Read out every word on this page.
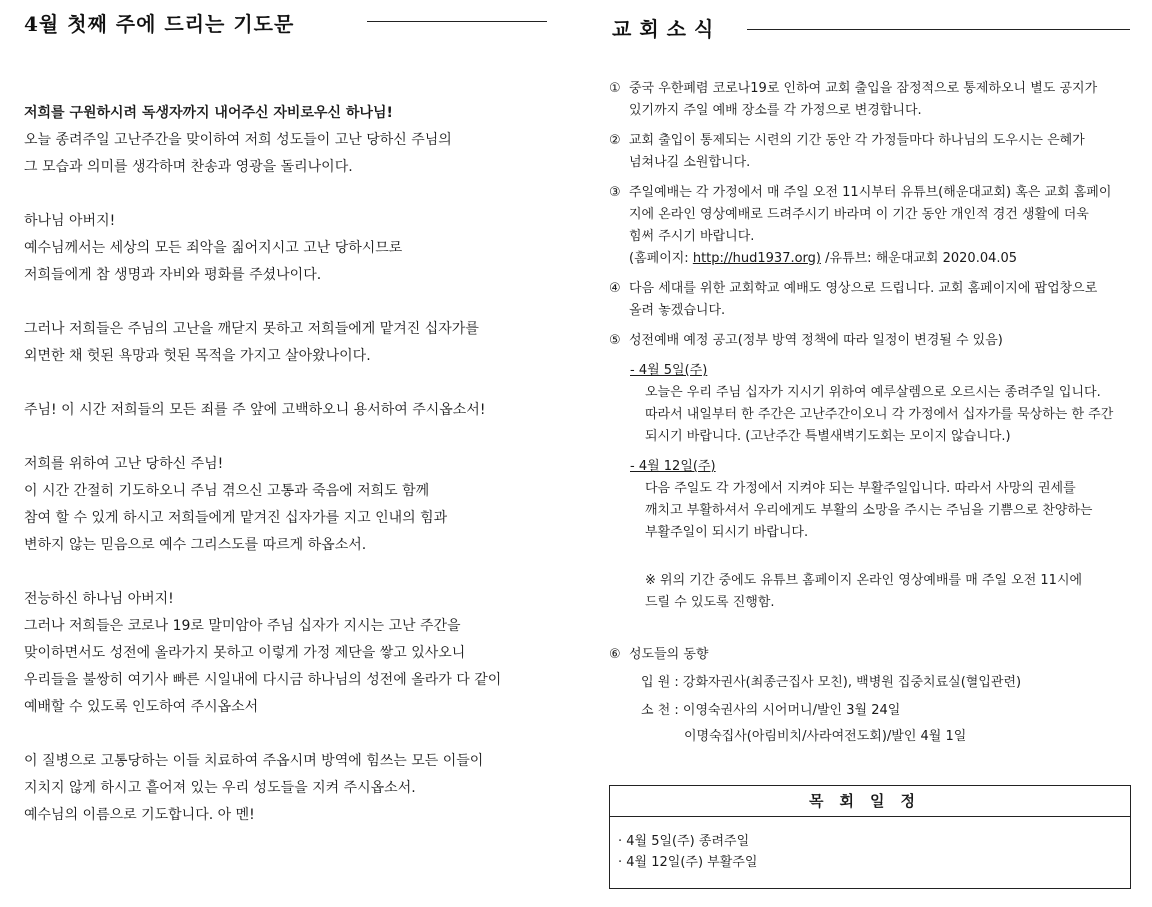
4월 첫째 주에 드리는 기도문
저희를 구원하시려 독생자까지 내어주신 자비로우신 하나님!
오늘 종려주일 고난주간을 맞이하여 저희 성도들이 고난 당하신 주님의
그 모습과 의미를 생각하며 찬송과 영광을 돌리나이다.
하나님 아버지!
예수님께서는 세상의 모든 죄악을 짊어지시고 고난 당하시므로
저희들에게 참 생명과 자비와 평화를 주셨나이다.
그러나 저희들은 주님의 고난을 깨닫지 못하고 저희들에게 맡겨진 십자가를
외면한 채 헛된 욕망과 헛된 목적을 가지고 살아왔나이다.
주님! 이 시간 저희들의 모든 죄를 주 앞에 고백하오니 용서하여 주시옵소서!
저희를 위하여 고난 당하신 주님!
이 시간 간절히 기도하오니 주님 겪으신 고통과 죽음에 저희도 함께
참여 할 수 있게 하시고 저희들에게 맡겨진 십자가를 지고 인내의 힘과
변하지 않는 믿음으로 예수 그리스도를 따르게 하옵소서.
전능하신 하나님 아버지!
그러나 저희들은 코로나 19로 말미암아 주님 십자가 지시는 고난 주간을
맞이하면서도 성전에 올라가지 못하고 이렇게 가정 제단을 쌓고 있사오니
우리들을 불쌍히 여기사 빠른 시일내에 다시금 하나님의 성전에 올라가 다 같이
예배할 수 있도록 인도하여 주시옵소서
이 질병으로 고통당하는 이들 치료하여 주옵시며 방역에 힘쓰는 모든 이들이
지치지 않게 하시고 흩어져 있는 우리 성도들을 지켜 주시옵소서.
예수님의 이름으로 기도합니다. 아 멘!
교회소식
① 중국 우한폐렴 코로나19로 인하여 교회 출입을 잠정적으로 통제하오니 별도 공지가
있기까지 주일 예배 장소를 각 가정으로 변경합니다.
② 교회 출입이 통제되는 시련의 기간 동안 각 가정들마다 하나님의 도우시는 은혜가
넘쳐나길 소원합니다.
③ 주일예배는 각 가정에서 매 주일 오전 11시부터 유튜브(해운대교회) 혹은 교회 홈페이
지에 온라인 영상예배로 드려주시기 바라며 이 기간 동안 개인적 경건 생활에 더욱
힘써 주시기 바랍니다.
(홈페이지: http://hud1937.org) /유튜브: 해운대교회 2020.04.05
④ 다음 세대를 위한 교회학교 예배도 영상으로 드립니다. 교회 홈페이지에 팝업창으로
올려 놓겠습니다.
⑤ 성전예배 예정 공고(정부 방역 정책에 따라 일정이 변경될 수 있음)
- 4월 5일(주)
오늘은 우리 주님 십자가 지시기 위하여 예루살렘으로 오르시는 종려주일 입니다.
따라서 내일부터 한 주간은 고난주간이오니 각 가정에서 십자가를 묵상하는 한 주간
되시기 바랍니다. (고난주간 특별새벽기도회는 모이지 않습니다.)
- 4월 12일(주)
다음 주일도 각 가정에서 지켜야 되는 부활주일입니다. 따라서 사망의 권세를
깨치고 부활하셔서 우리에게도 부활의 소망을 주시는 주님을 기쁨으로 찬양하는
부활주일이 되시기 바랍니다.
※ 위의 기간 중에도 유튜브 홈페이지 온라인 영상예배를 매 주일 오전 11시에
드릴 수 있도록 진행함.
⑥ 성도들의 동향
입 원 : 강화자권사(최종근집사 모친), 백병원 집중치료실(혈입관련)
소 천 : 이영숙권사의 시어머니/발인 3월 24일
이명숙집사(아림비치/사라여전도회)/발인 4월 1일
목회일정
· 4월 5일(주) 종려주일
· 4월 12일(주) 부활주일
